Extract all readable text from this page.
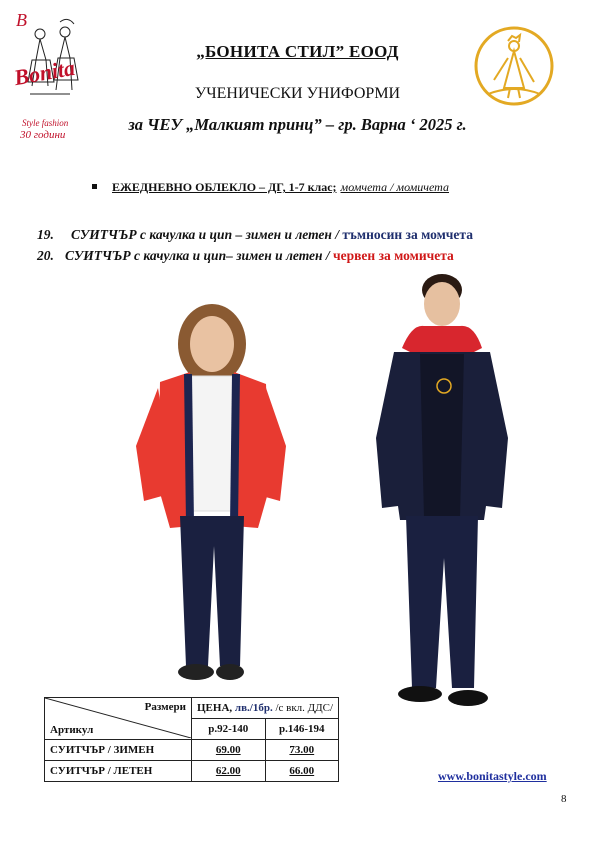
B
Bonita
Style fashion
30 години
„БОНИТА СТИЛ” ЕООД
УЧЕНИЧЕСКИ УНИФОРМИ
за ЧЕУ „Малкият принц” – гр. Варна ‘ 2025 г.
ЕЖЕДНЕВНО ОБЛЕКЛО – ДГ, 1-7 клас; момчета / момичета
19. СУИТЧЪР с качулка и цип – зимен и летен / тъмносин за момчета
20. СУИТЧЪР с качулка и цип– зимен и летен / червен за момичета
Размери
Артикул	ЦЕНА, лв./1бр. /с вкл. ДДС/	
	р.92-140	р.146-194
СУИТЧЪР / ЗИМЕН	69.00	73.00
СУИТЧЪР / ЛЕТЕН	62.00	66.00	www.bonitastyle.com
8
